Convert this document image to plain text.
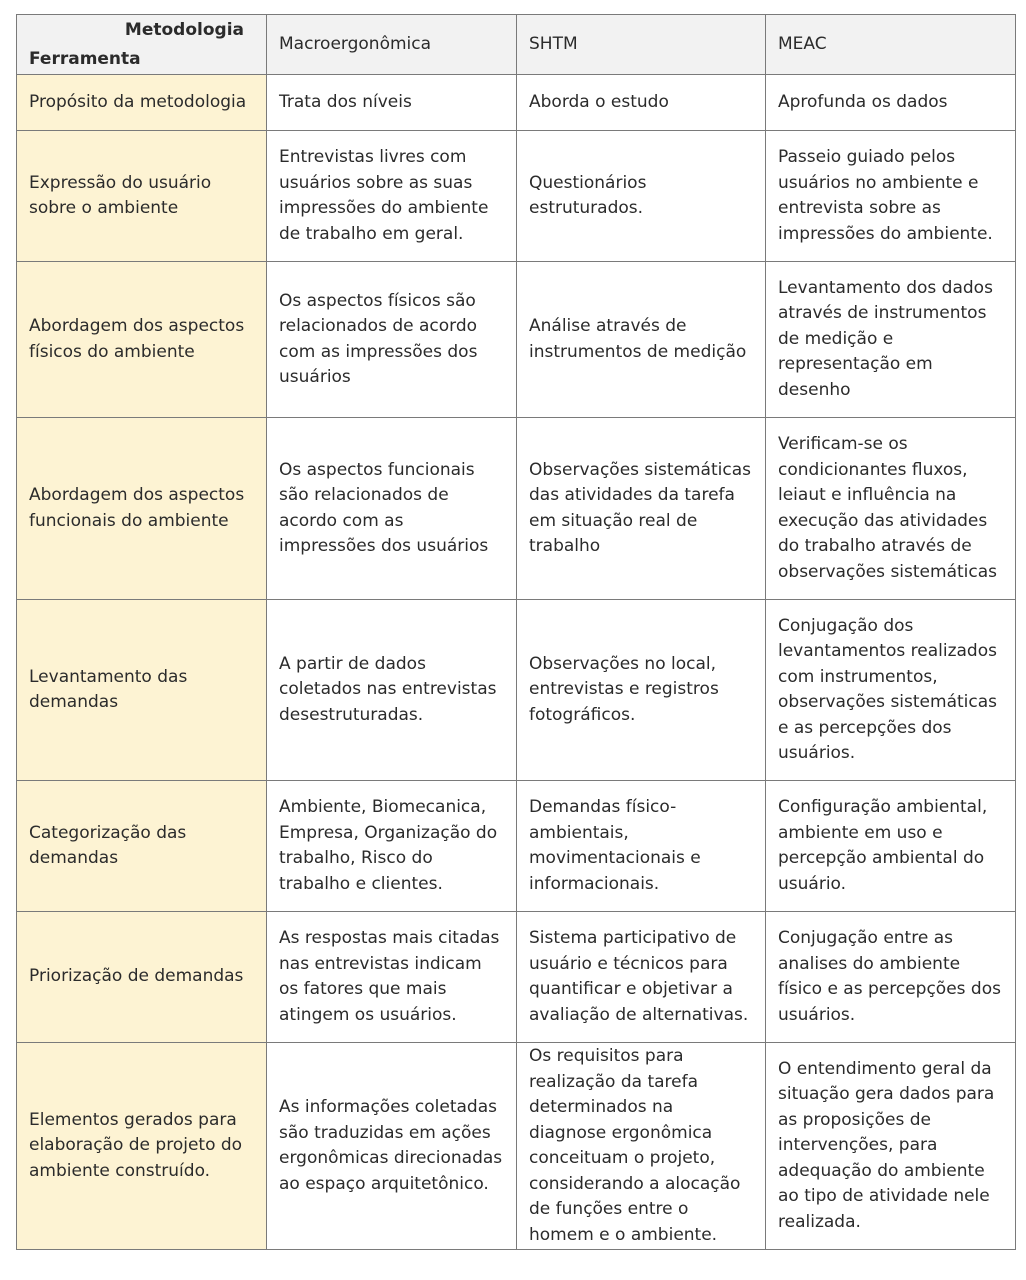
Metodologia
Ferramenta	Macroergonômica	SHTM	MEAC
Propósito da metodologia	Trata dos níveis	Aborda o estudo	Aprofunda os dados
Expressão do usuário sobre o ambiente	Entrevistas livres com usuários sobre as suas impressões do ambiente de trabalho em geral.	Questionários estruturados.	Passeio guiado pelos usuários no ambiente e entrevista sobre as impressões do ambiente.
Abordagem dos aspectos físicos do ambiente	Os aspectos físicos são relacionados de acordo com as impressões dos usuários	Análise através de instrumentos de medição	Levantamento dos dados através de instrumentos de medição e representação em desenho
Abordagem dos aspectos funcionais do ambiente	Os aspectos funcionais são relacionados de acordo com as impressões dos usuários	Observações sistemáticas das atividades da tarefa em situação real de trabalho	Verificam-se os condicionantes fluxos, leiaut e influência na execução das atividades do trabalho através de observações sistemáticas
Levantamento das demandas	A partir de dados coletados nas entrevistas desestruturadas.	Observações no local, entrevistas e registros fotográficos.	Conjugação dos levantamentos realizados com instrumentos, observações sistemáticas e as percepções dos usuários.
Categorização das demandas	Ambiente, Biomecanica, Empresa, Organização do trabalho, Risco do trabalho e clientes.	Demandas físico-ambientais, movimentacionais e informacionais.	Configuração ambiental, ambiente em uso e percepção ambiental do usuário.
Priorização de demandas	As respostas mais citadas nas entrevistas indicam os fatores que mais atingem os usuários.	Sistema participativo de usuário e técnicos para quantificar e objetivar a avaliação de alternativas.	Conjugação entre as analises do ambiente físico e as percepções dos usuários.
Elementos gerados para elaboração de projeto do ambiente construído.	As informações coletadas são traduzidas em ações ergonômicas direcionadas ao espaço arquitetônico.	Os requisitos para realização da tarefa determinados na diagnose ergonômica conceituam o projeto, considerando a alocação de funções entre o homem e o ambiente.	O entendimento geral da situação gera dados para as proposições de intervenções, para adequação do ambiente ao tipo de atividade nele realizada.
